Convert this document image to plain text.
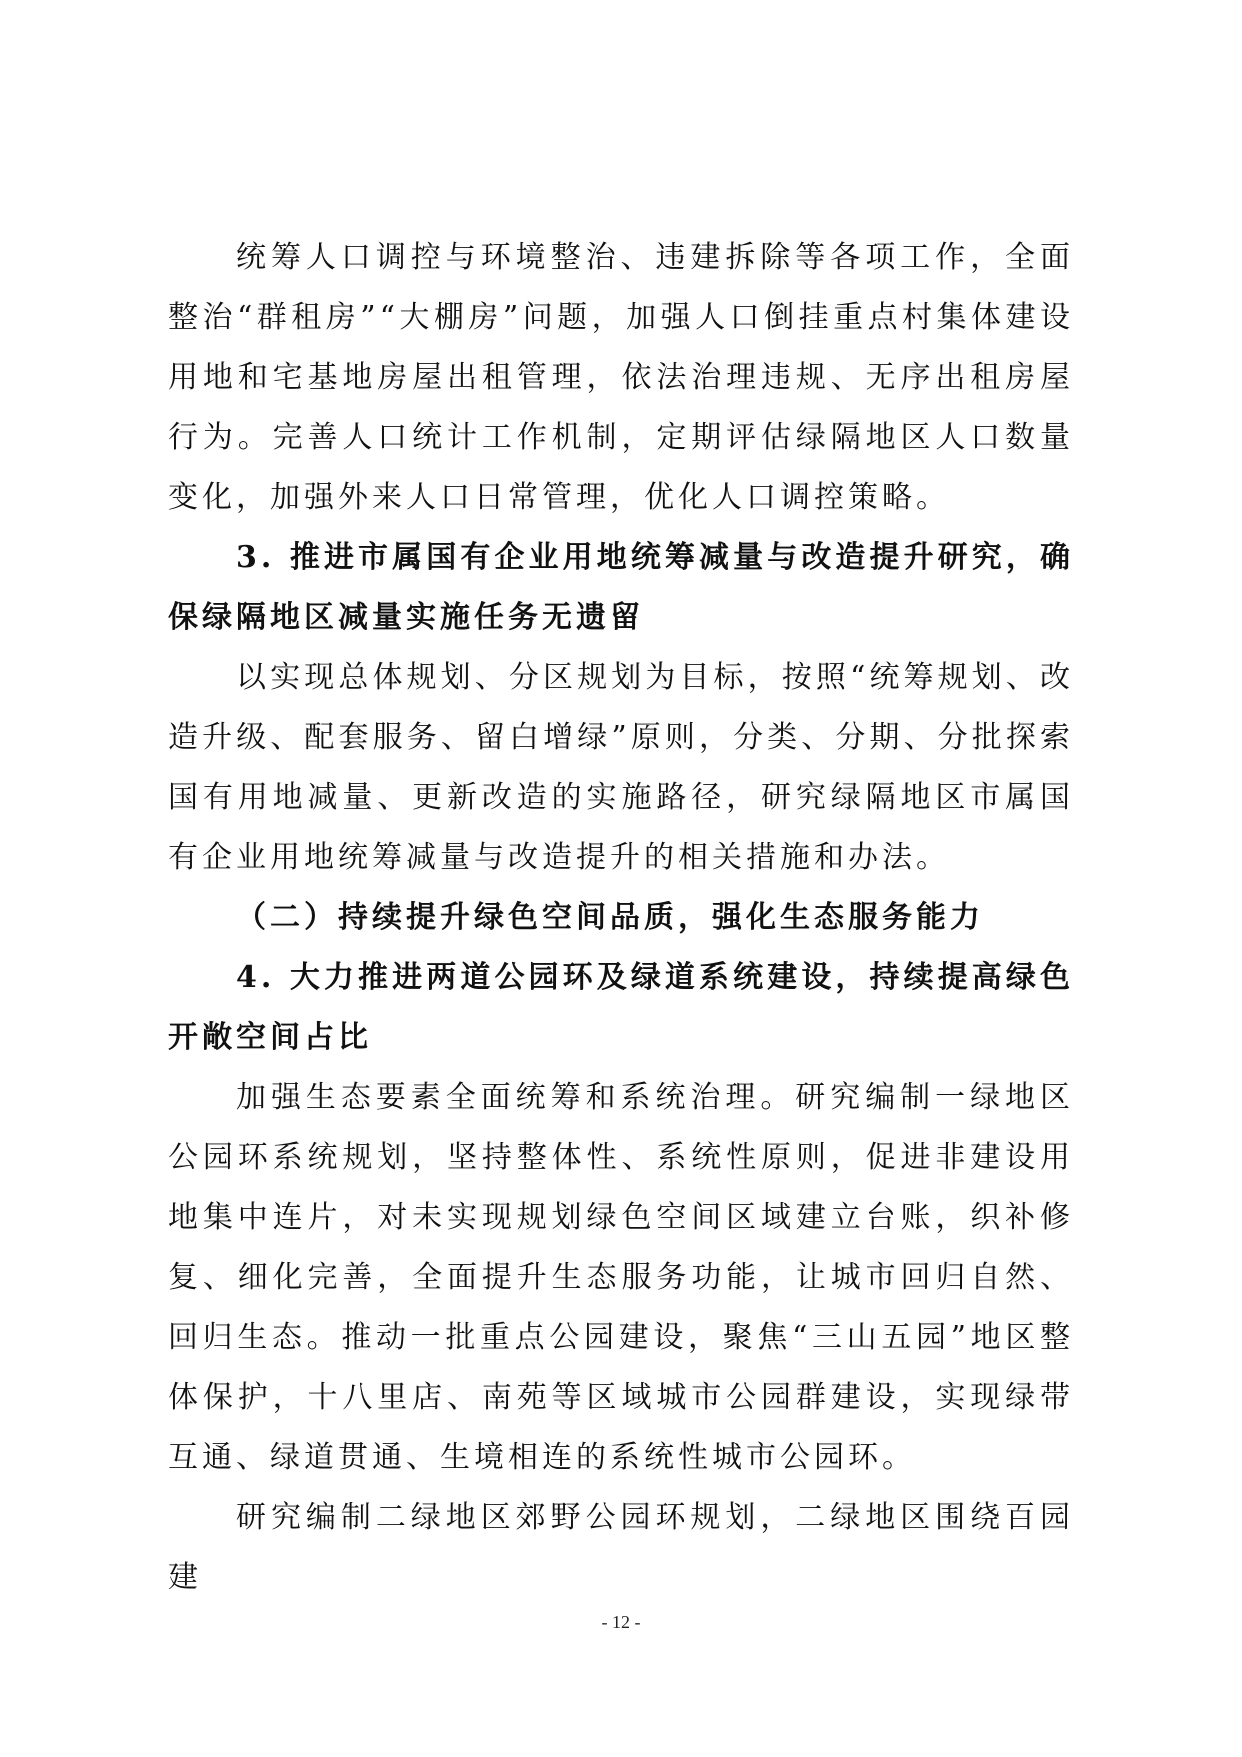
统筹人口调控与环境整治、违建拆除等各项工作，全面整治“群租房”“大棚房”问题，加强人口倒挂重点村集体建设用地和宅基地房屋出租管理，依法治理违规、无序出租房屋行为。完善人口统计工作机制，定期评估绿隔地区人口数量变化，加强外来人口日常管理，优化人口调控策略。

3. 推进市属国有企业用地统筹减量与改造提升研究，确保绿隔地区减量实施任务无遗留

以实现总体规划、分区规划为目标，按照“统筹规划、改造升级、配套服务、留白增绿”原则，分类、分期、分批探索国有用地减量、更新改造的实施路径，研究绿隔地区市属国有企业用地统筹减量与改造提升的相关措施和办法。

（二）持续提升绿色空间品质，强化生态服务能力

4. 大力推进两道公园环及绿道系统建设，持续提高绿色开敞空间占比

加强生态要素全面统筹和系统治理。研究编制一绿地区公园环系统规划，坚持整体性、系统性原则，促进非建设用地集中连片，对未实现规划绿色空间区域建立台账，织补修复、细化完善，全面提升生态服务功能，让城市回归自然、回归生态。推动一批重点公园建设，聚焦“三山五园”地区整体保护，十八里店、南苑等区域城市公园群建设，实现绿带互通、绿道贯通、生境相连的系统性城市公园环。

研究编制二绿地区郊野公园环规划，二绿地区围绕百园建

- 12 -
